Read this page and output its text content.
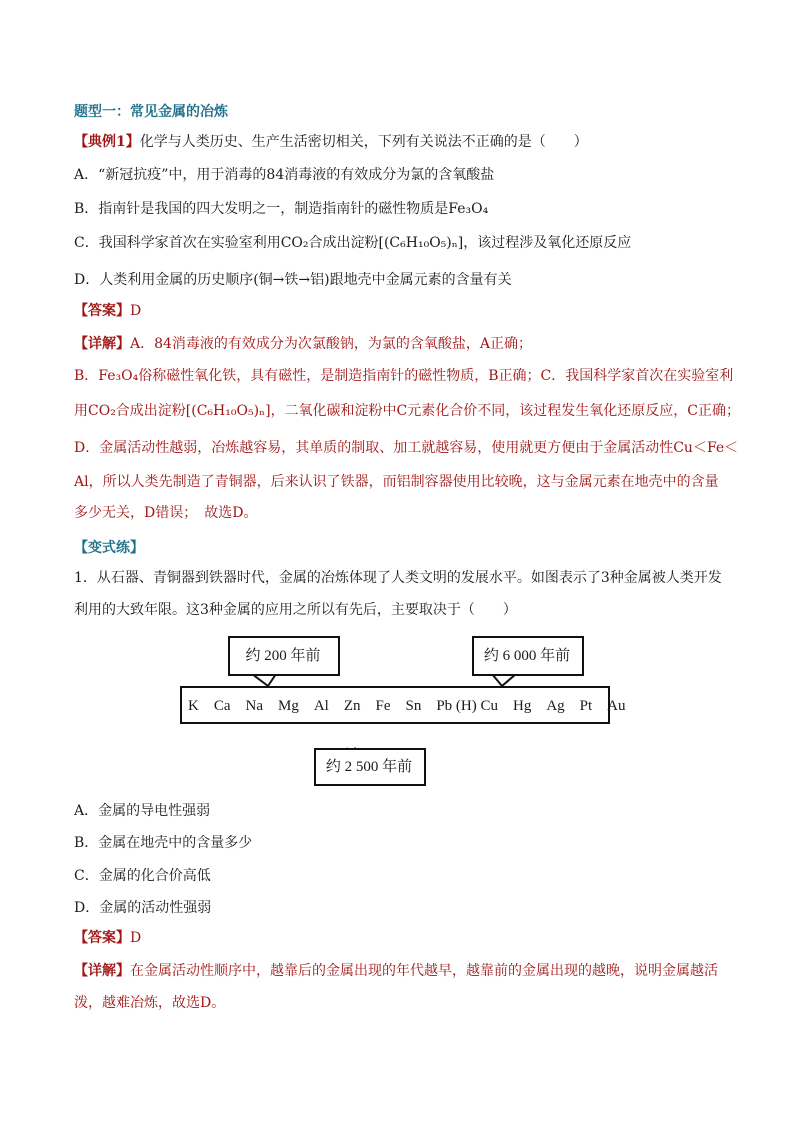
题型一：常见金属的冶炼
【典例1】化学与人类历史、生产生活密切相关，下列有关说法不正确的是（　　）
A．“新冠抗疫”中，用于消毒的84消毒液的有效成分为氯的含氧酸盐
B．指南针是我国的四大发明之一，制造指南针的磁性物质是Fe₃O₄
C．我国科学家首次在实验室利用CO₂合成出淀粉[(C₆H₁₀O₅)ₙ]，该过程涉及氧化还原反应
D．人类利用金属的历史顺序(铜→铁→铝)跟地壳中金属元素的含量有关
【答案】D
【详解】A．84消毒液的有效成分为次氯酸钠，为氯的含氧酸盐，A正确；
B．Fe₃O₄俗称磁性氧化铁，具有磁性，是制造指南针的磁性物质，B正确；C．我国科学家首次在实验室利
用CO₂合成出淀粉[(C₆H₁₀O₅)ₙ]，二氧化碳和淀粉中C元素化合价不同，该过程发生氧化还原反应，C正确；
D．金属活动性越弱，冶炼越容易，其单质的制取、加工就越容易，使用就更方便由于金属活动性Cu＜Fe＜
Al，所以人类先制造了青铜器，后来认识了铁器，而铝制容器使用比较晚，这与金属元素在地壳中的含量
多少无关，D错误；　故选D。
【变式练】
1．从石器、青铜器到铁器时代，金属的冶炼体现了人类文明的发展水平。如图表示了3种金属被人类开发
利用的大致年限。这3种金属的应用之所以有先后，主要取决于（　　）
约 200 年前	约 6 000 年前
K　Ca　Na　Mg　Al　Zn　Fe　Sn　Pb (H) Cu　Hg　Ag　Pt　Au
约 2 500 年前
A．金属的导电性强弱
B．金属在地壳中的含量多少
C．金属的化合价高低
D．金属的活动性强弱
【答案】D
【详解】在金属活动性顺序中，越靠后的金属出现的年代越早，越靠前的金属出现的越晚，说明金属越活
泼，越难冶炼，故选D。
